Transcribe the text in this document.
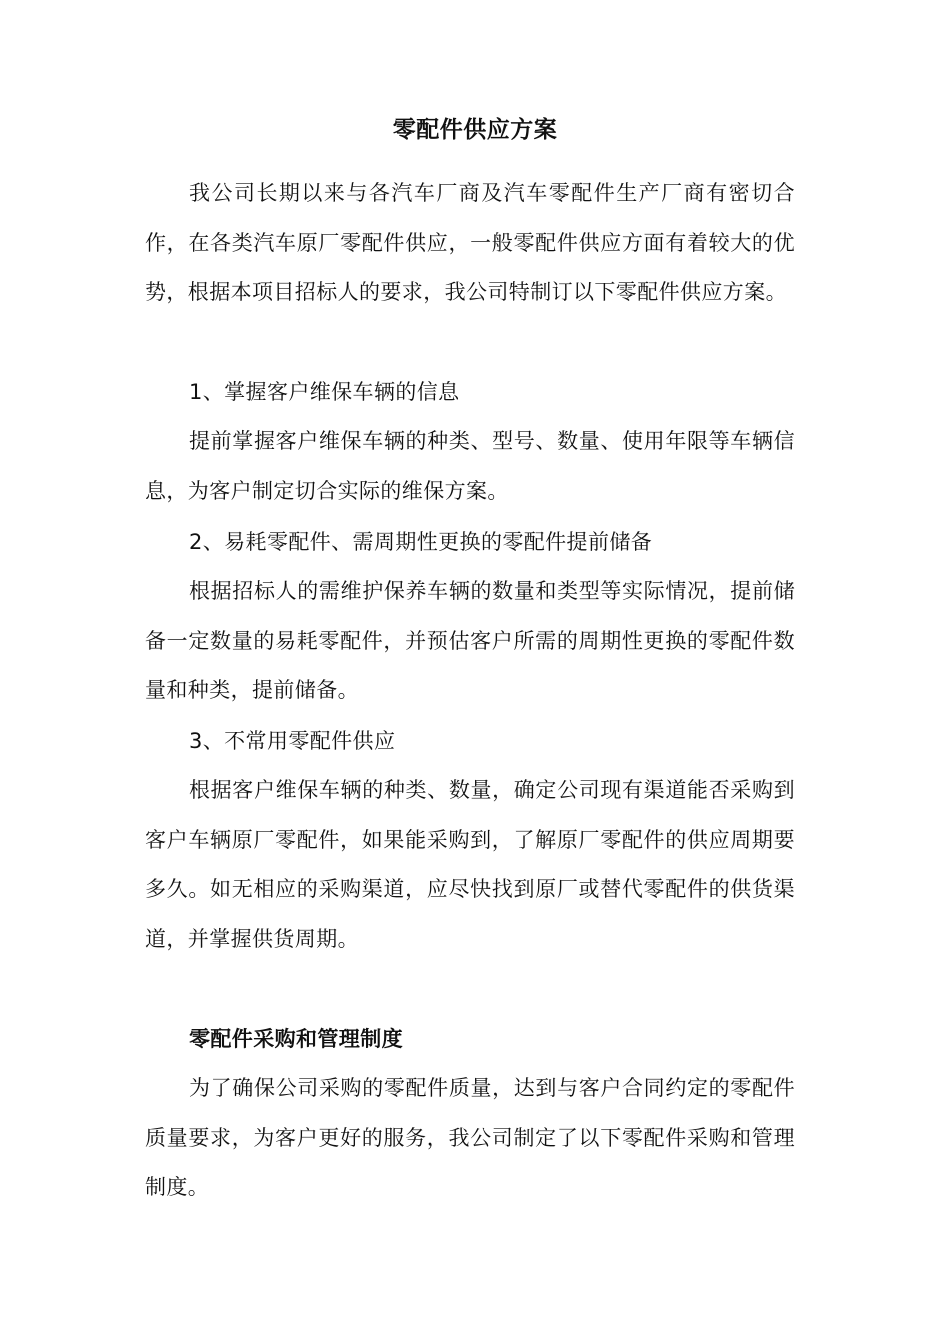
零配件供应方案
我公司长期以来与各汽车厂商及汽车零配件生产厂商有密切合作，在各类汽车原厂零配件供应，一般零配件供应方面有着较大的优势，根据本项目招标人的要求，我公司特制订以下零配件供应方案。
1、掌握客户维保车辆的信息
提前掌握客户维保车辆的种类、型号、数量、使用年限等车辆信息，为客户制定切合实际的维保方案。
2、易耗零配件、需周期性更换的零配件提前储备
根据招标人的需维护保养车辆的数量和类型等实际情况，提前储备一定数量的易耗零配件，并预估客户所需的周期性更换的零配件数量和种类，提前储备。
3、不常用零配件供应
根据客户维保车辆的种类、数量，确定公司现有渠道能否采购到客户车辆原厂零配件，如果能采购到，了解原厂零配件的供应周期要多久。如无相应的采购渠道，应尽快找到原厂或替代零配件的供货渠道，并掌握供货周期。
零配件采购和管理制度
为了确保公司采购的零配件质量，达到与客户合同约定的零配件质量要求，为客户更好的服务，我公司制定了以下零配件采购和管理制度。
